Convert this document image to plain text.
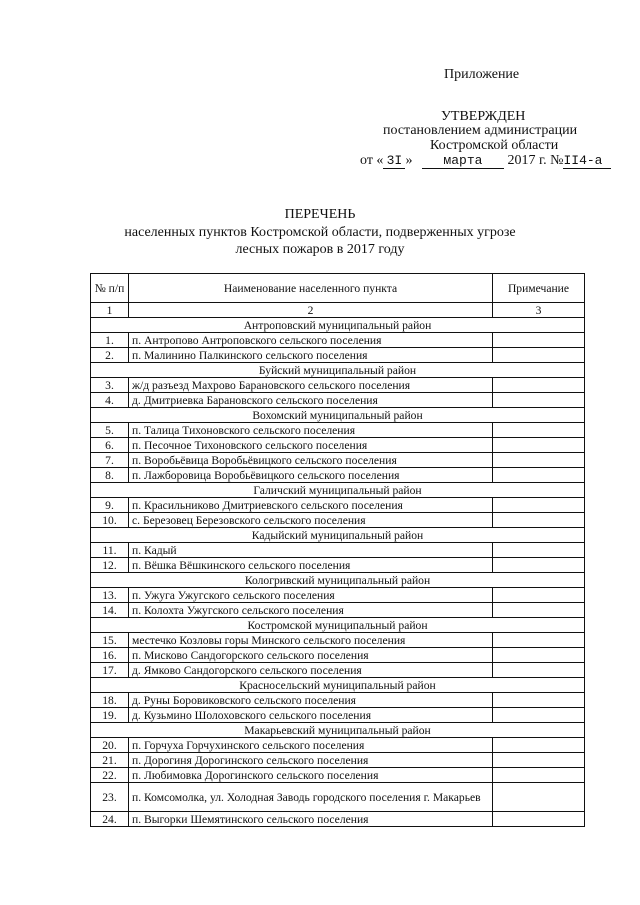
Приложение
УТВЕРЖДЕН
постановлением администрации
Костромской области
от « 3I » марта 2017 г. №II4-а
ПЕРЕЧЕНЬ
населенных пунктов Костромской области, подверженных угрозе
лесных пожаров в 2017 году
№ п/п	Наименование населенного пункта	Примечание
1	2	3
Антроповский муниципальный район		
1.	п. Антропово Антроповского сельского поселения	
2.	п. Малинино Палкинского сельского поселения	
Буйский муниципальный район		
3.	ж/д разъезд Махрово Барановского сельского поселения	
4.	д. Дмитриевка Барановского сельского поселения	
Вохомский муниципальный район		
5.	п. Талица Тихоновского сельского поселения	
6.	п. Песочное Тихоновского сельского поселения	
7.	п. Воробьёвица Воробьёвицкого сельского поселения	
8.	п. Лажборовица Воробьёвицкого сельского поселения	
Галичский муниципальный район		
9.	п. Красильниково Дмитриевского сельского поселения	
10.	с. Березовец Березовского сельского поселения	
Кадыйский муниципальный район		
11.	п. Кадый	
12.	п. Вёшка Вёшкинского сельского поселения	
Кологривский муниципальный район		
13.	п. Ужуга Ужугского сельского поселения	
14.	п. Колохта Ужугского сельского поселения	
Костромской муниципальный район		
15.	местечко Козловы горы Минского сельского поселения	
16.	п. Мисково Сандогорского сельского поселения	
17.	д. Ямково Сандогорского сельского поселения	
Красносельский муниципальный район		
18.	д. Руны Боровиковского сельского поселения	
19.	д. Кузьмино Шолоховского сельского поселения	
Макарьевский муниципальный район		
20.	п. Горчуха Горчухинского сельского поселения	
21.	п. Дорогиня Дорогинского сельского поселения	
22.	п. Любимовка Дорогинского сельского поселения	
23.	п. Комсомолка, ул. Холодная Заводь городского поселения г. Макарьев	
24.	п. Выгорки Шемятинского сельского поселения	
